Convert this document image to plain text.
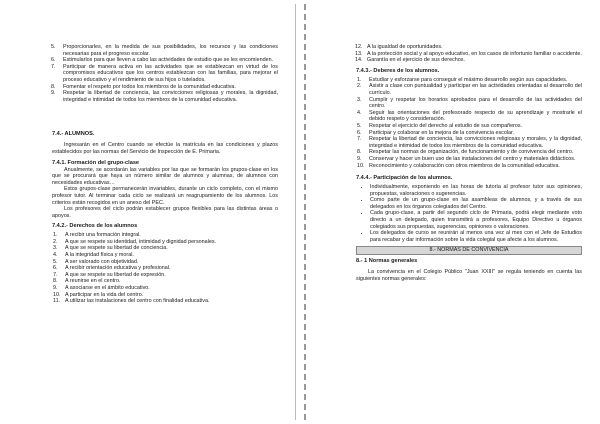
5. Proporcionarles, en la medida de sus posibilidades, los recursos y las condiciones necesarias para el progreso escolar.
6. Estimularlos para que lleven a cabo las actividades de estudio que se les encomienden.
7. Participar de manera activa en las actividades que se establezcan en virtud de los compromisos educativos que los centros establezcan con las familias, para mejorar el proceso educativo y el rendimiento de sus hijos o tutelados.
8. Fomentar el respeto por todos los miembros de la comunidad educativa.
9. Respetar la libertad de conciencia, las convicciones religiosas y morales, la dignidad, integridad e intimidad de todos los miembros de la comunidad educativa.

7.4.- ALUMNOS.

Ingresarán en el Centro cuando se efectúe la matrícula en las condiciones y plazos establecidos por las normas del Servicio de Inspección de E. Primaria.

7.4.1. Formación del grupo-clase

Anualmente, se acordarán las variables por las que se formarán los grupos-clase en los que se procurará que haya un número similar de alumnos y alumnas, de alumnos con necesidades educativas…

Estos grupos-clase permanecerán invariables, durante un ciclo completo, con el mismo profesor tutor. Al terminar cada ciclo se realizará un reagrupamiento de los alumnos. Los criterios están recogidos en un anexo del PEC.

Los profesores del ciclo podrán establecer grupos flexibles para las distintas áreas o apoyos.

7.4.2.- Derechos de los alumnos

1. A recibir una formación integral.
2. A que se respete su identidad, intimidad y dignidad personales.
3. A que se respete su libertad de conciencia.
4. A la integridad física y moral.
5. A ser valorado con objetividad.
6. A recibir orientación educativa y profesional.
7. A que se respete su libertad de expresión.
8. A reunirse en el centro.
9. A asociarse en el ámbito educativo.
10. A participar en la vida del centro.
11. A utilizar las instalaciones del centro con finalidad educativa.
12. A la igualdad de oportunidades.
13. A la protección social y al apoyo educativo, en los casos de infortunio familiar o accidente.
14. Garantía en el ejercicio de sus derechos.

7.4.3.- Deberes de los alumnos.

1. Estudiar y esforzarse para conseguir el máximo desarrollo según sus capacidades.
2. Asistir a clase con puntualidad y participar en las actividades orientadas al desarrollo del currículo.
3. Cumplir y respetar los horarios aprobados para el desarrollo de las actividades del centro.
4. Seguir las orientaciones del profesorado respecto de su aprendizaje y mostrarle el debido respeto y consideración.
5. Respetar el ejercicio del derecho al estudio de sus compañeros.
6. Participar y colaborar en la mejora de la convivencia escolar.
7. Respetar la libertad de conciencia, las convicciones religiosas y morales, y la dignidad, integridad e intimidad de todos los miembros de la comunidad educativa.
8. Respetar las normas de organización, de funcionamiento y de convivencia del centro.
9. Conservar y hacer un buen uso de las instalaciones del centro y materiales didácticos.
10. Reconocimiento y colaboración con otros miembros de la comunidad educativa.

7.4.4.- Participación de los alumnos.

• Individualmente, exponiendo en las horas de tutoría al profesor tutor sus opiniones, propuestas, valoraciones o sugerencias.
• Como parte de un grupo-clase en las asambleas de alumnos, y a través de sus delegados en los órganos colegiados del Centro.
• Cada grupo-clase, a partir del segundo ciclo de Primaria, podrá elegir mediante voto directo a un delegado, quien transmitirá a profesores, Equipo Directivo u órganos colegiados sus propuestas, sugerencias, opiniones o valoraciones.
• Los delegados de curso se reunirán al menos una vez al mes con el Jefe de Estudios para recabar y dar información sobre la vida colegial que afecte a los alumnos.
8.- NORMAS DE CONVIVENCIA

8.- 1 Normas generales

La convivencia en el Colegio Público "Juan XXIII" se regula teniendo en cuenta las siguientes normas generales:
